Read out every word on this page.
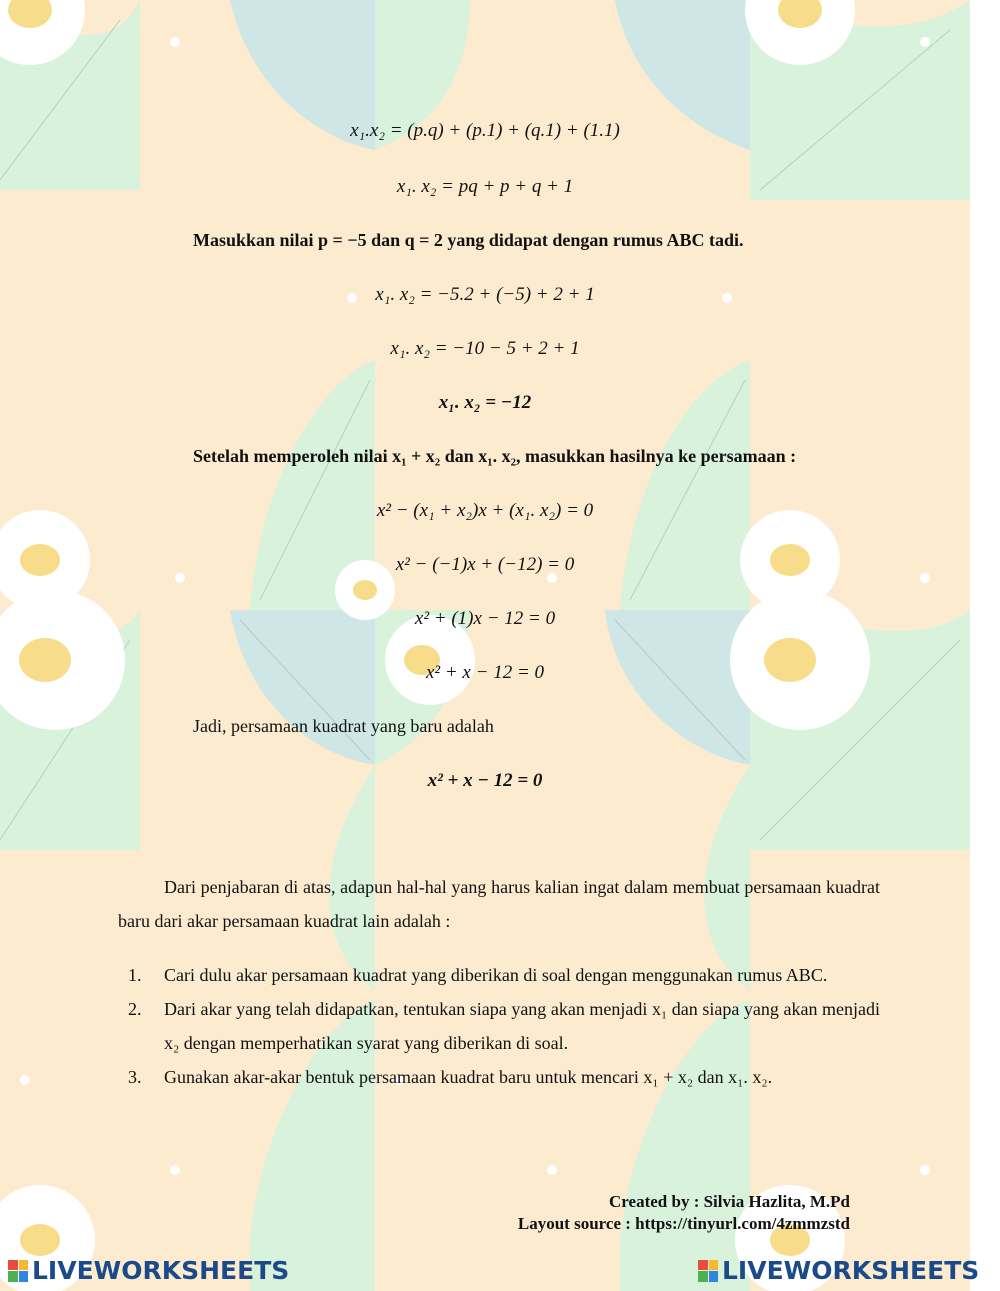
x₁.x₂ = (p.q) + (p.1) + (q.1) + (1.1)
x₁. x₂ = pq + p + q + 1
Masukkan nilai p = −5 dan q = 2 yang didapat dengan rumus ABC tadi.
x₁. x₂ = −5.2 + (−5) + 2 + 1
x₁. x₂ = −10 − 5 + 2 + 1
x₁. x₂ = −12
Setelah memperoleh nilai x₁ + x₂ dan x₁. x₂, masukkan hasilnya ke persamaan :
x² − (x₁ + x₂)x + (x₁. x₂) = 0
x² − (−1)x + (−12) = 0
x² + (1)x − 12 = 0
x² + x − 12 = 0
Jadi, persamaan kuadrat yang baru adalah
x² + x − 12 = 0
Dari penjabaran di atas, adapun hal-hal yang harus kalian ingat dalam membuat persamaan kuadrat baru dari akar persamaan kuadrat lain adalah :
1. Cari dulu akar persamaan kuadrat yang diberikan di soal dengan menggunakan rumus ABC.
2. Dari akar yang telah didapatkan, tentukan siapa yang akan menjadi x₁ dan siapa yang akan menjadi x₂ dengan memperhatikan syarat yang diberikan di soal.
3. Gunakan akar-akar bentuk persamaan kuadrat baru untuk mencari x₁ + x₂ dan x₁. x₂.
Created by : Silvia Hazlita, M.Pd
Layout source : https://tinyurl.com/4zmmzstd
LIVEWORKSHEETS	LIVEWORKSHEETS
